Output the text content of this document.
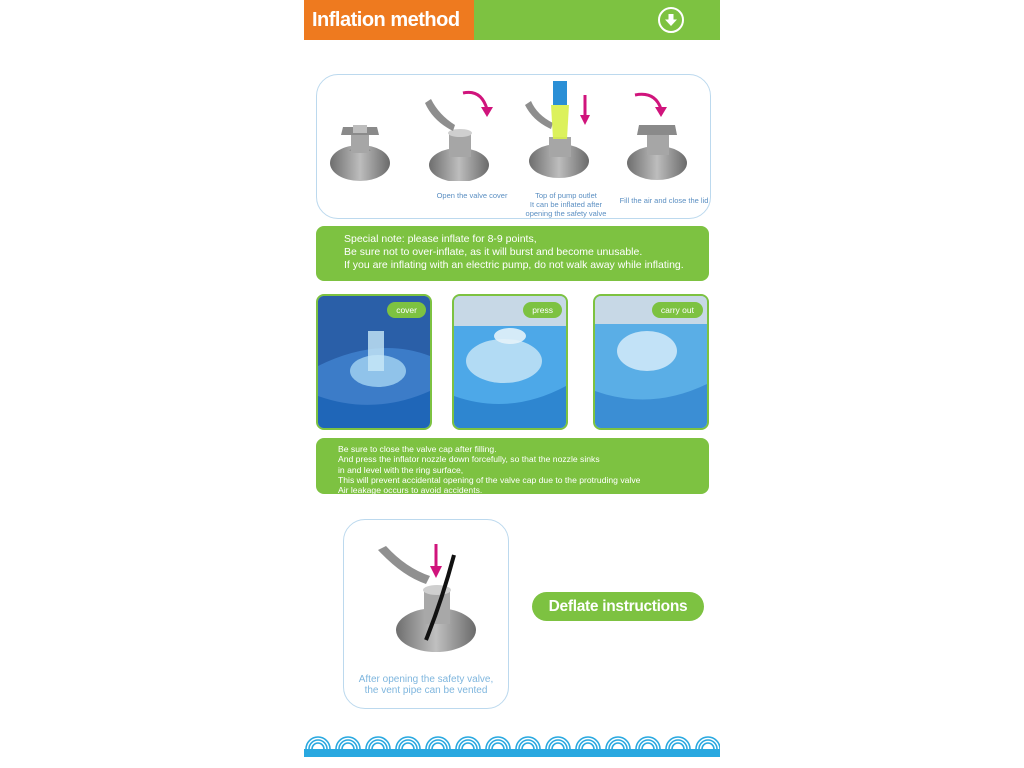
Inflation method
Open the valve cover	Top of pump outlet
It can be inflated after
opening the safety valve
Fill the air and close the lid

Special note: please inflate for 8-9 points,

Be sure not to over-inflate, as it will burst and become unusable.

If you are inflating with an electric pump, do not walk away while inflating.

cover	press	carry out

Be sure to close the valve cap after filling.

And press the inflator nozzle down forcefully, so that the nozzle sinks

in and level with the ring surface,

This will prevent accidental opening of the valve cap due to the protruding valve

Air leakage occurs to avoid accidents.

After opening the safety valve,
the vent pipe can be vented
Deflate instructions
